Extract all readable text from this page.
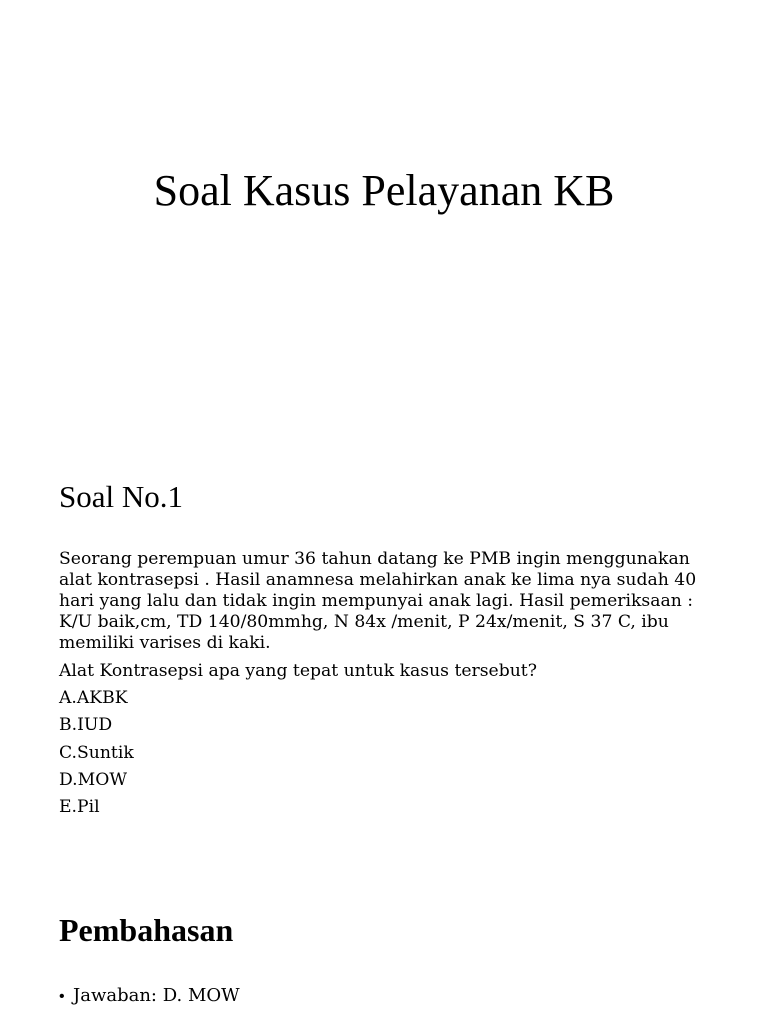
Soal Kasus Pelayanan KB
Soal No.1

Seorang perempuan umur 36 tahun datang ke PMB ingin menggunakan alat kontrasepsi . Hasil anamnesa melahirkan anak ke lima nya sudah 40 hari yang lalu dan tidak ingin mempunyai anak lagi. Hasil pemeriksaan : K/U baik,cm, TD 140/80mmhg, N 84x /menit, P 24x/menit, S 37 C, ibu memiliki varises di kaki.

Alat Kontrasepsi apa yang tepat untuk kasus tersebut?

A.AKBK
B.IUD
C.Suntik
D.MOW
E.Pil
Pembahasan

• Jawaban: D. MOW
